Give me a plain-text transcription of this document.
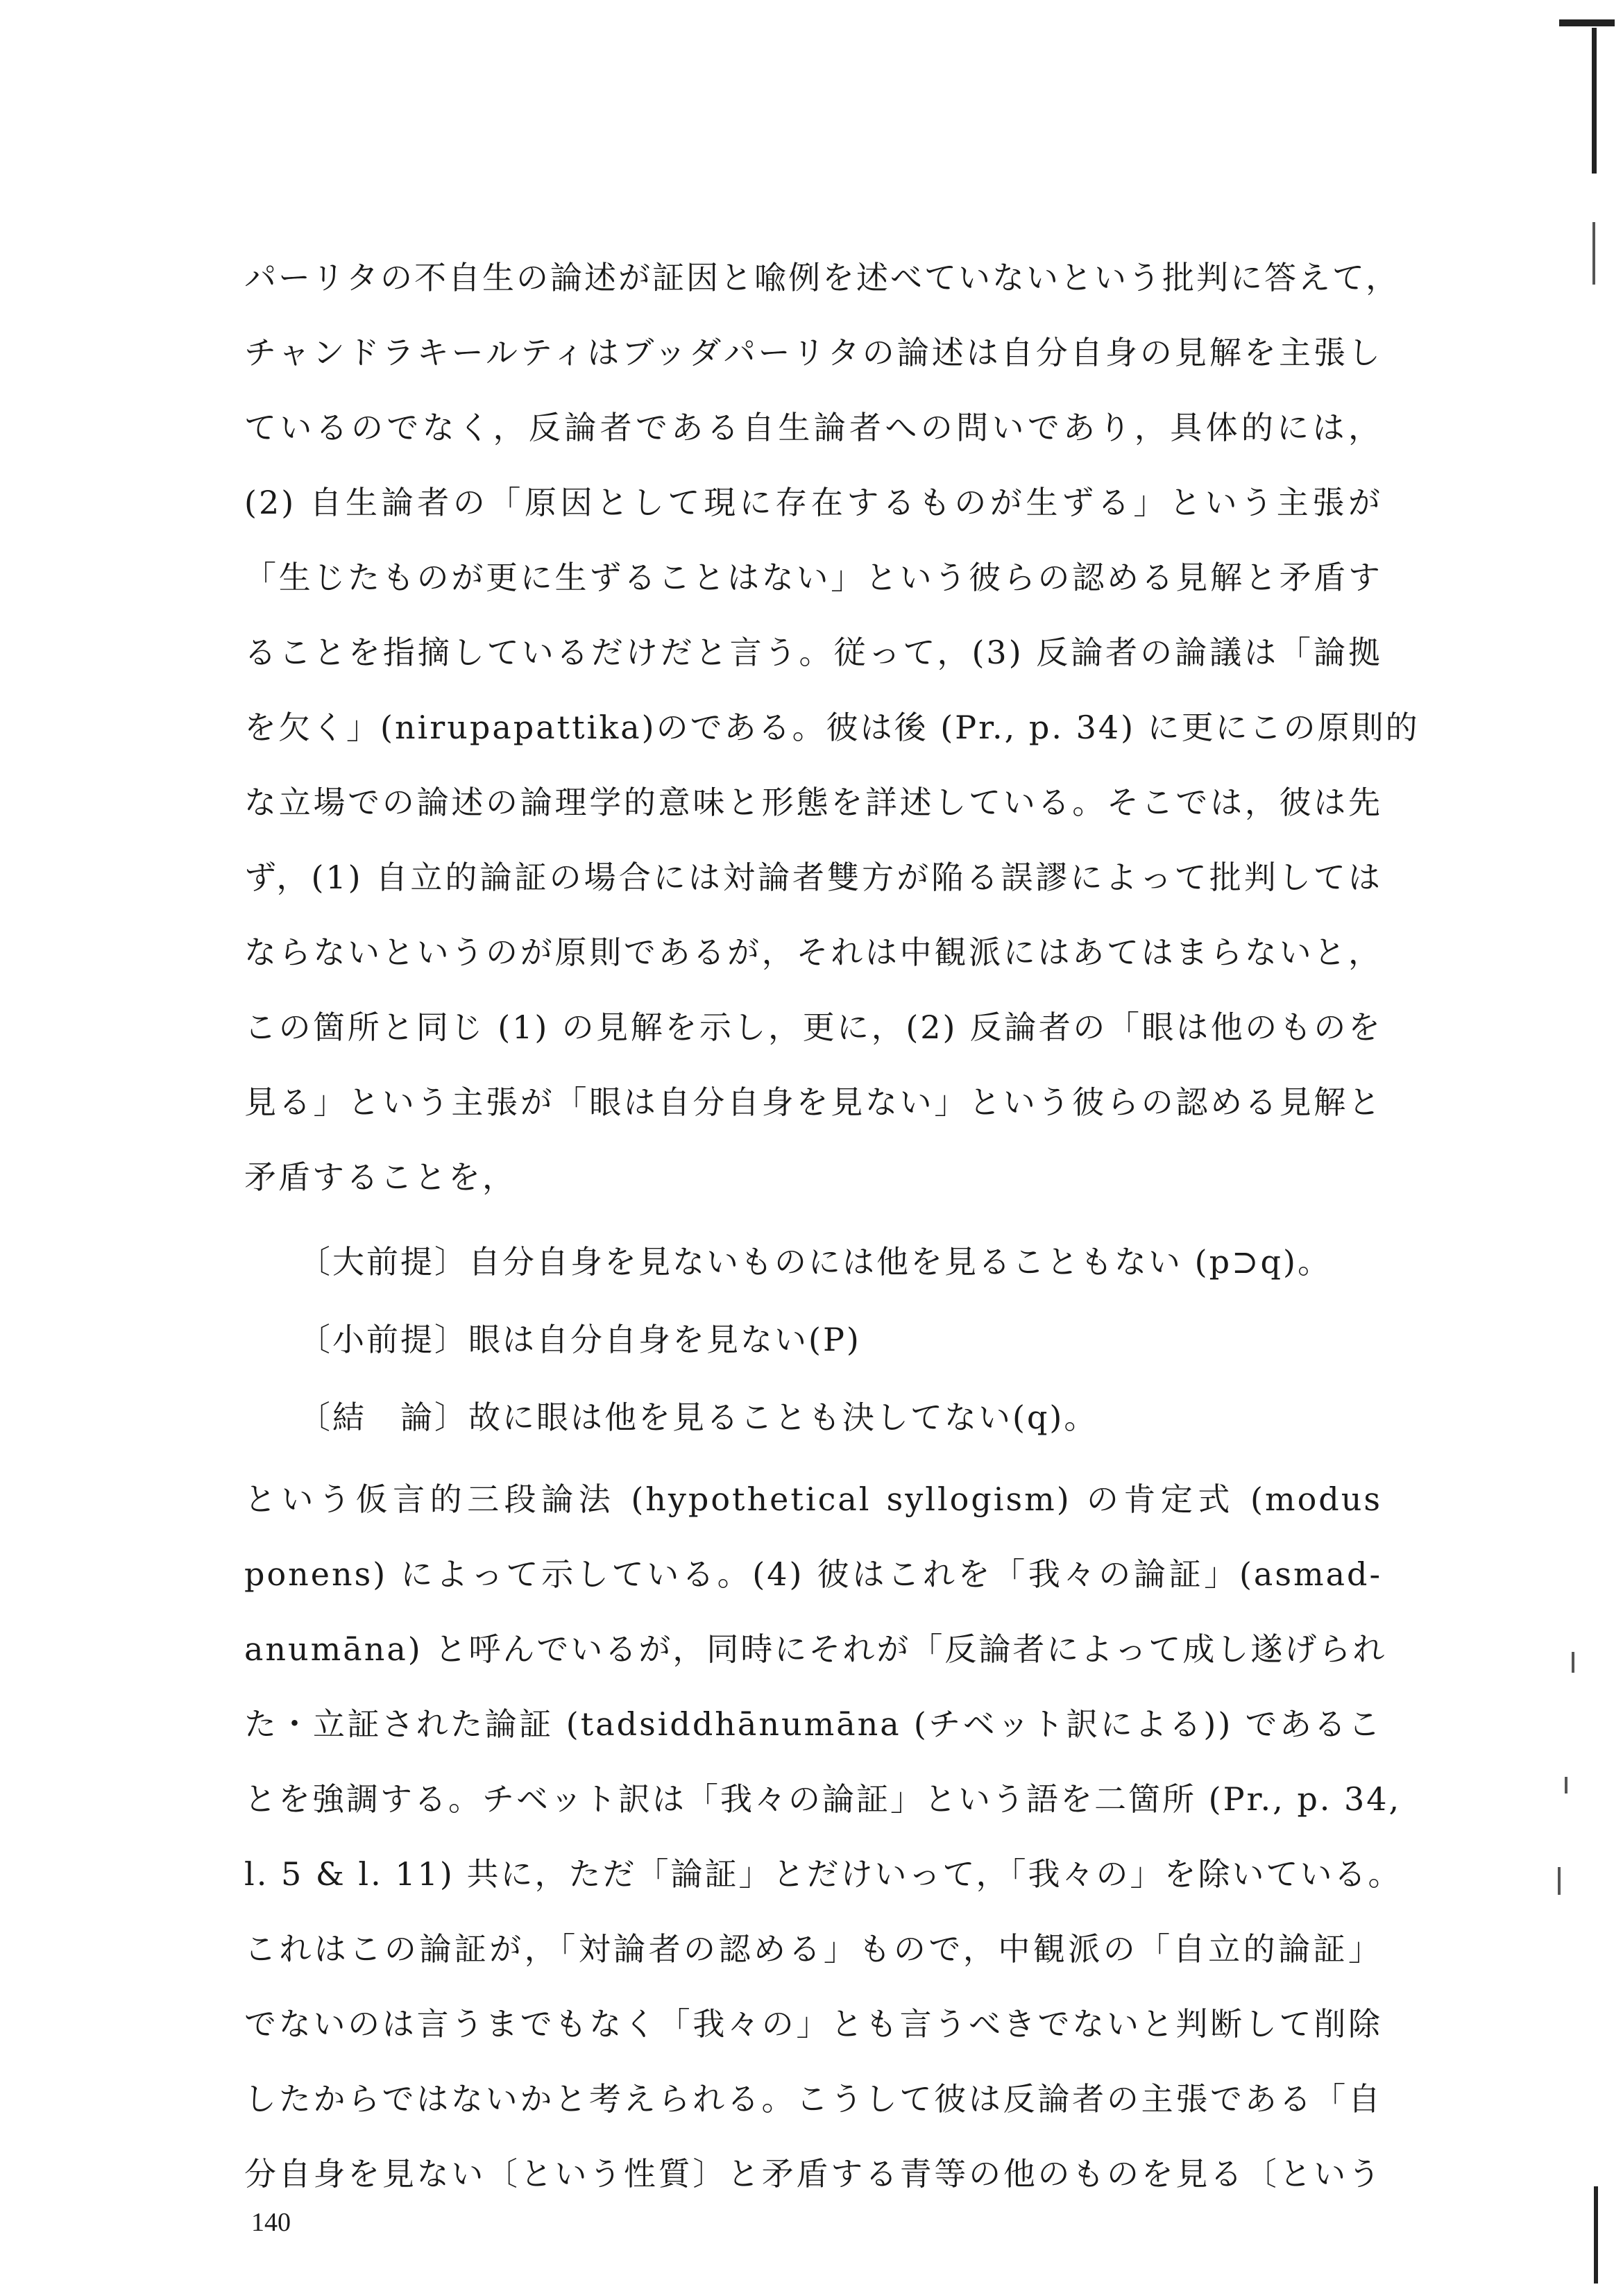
パーリタの不自生の論述が証因と喩例を述べていないという批判に答えて，
チャンドラキールティはブッダパーリタの論述は自分自身の見解を主張し
ているのでなく，反論者である自生論者への問いであり，具体的には，
(2) 自生論者の「原因として現に存在するものが生ずる」という主張が
「生じたものが更に生ずることはない」という彼らの認める見解と矛盾す
ることを指摘しているだけだと言う。従って，(3) 反論者の論議は「論拠
を欠く」(nirupapattika)のである。彼は後 (Pr., p. 34) に更にこの原則的
な立場での論述の論理学的意味と形態を詳述している。そこでは，彼は先
ず，(1) 自立的論証の場合には対論者雙方が陥る誤謬によって批判しては
ならないというのが原則であるが，それは中観派にはあてはまらないと，
この箇所と同じ (1) の見解を示し，更に，(2) 反論者の「眼は他のものを
見る」という主張が「眼は自分自身を見ない」という彼らの認める見解と
矛盾することを，
〔大前提〕自分自身を見ないものには他を見ることもない (p⊃q)。
〔小前提〕眼は自分自身を見ない(P)
〔結　論〕故に眼は他を見ることも決してない(q)。
という仮言的三段論法 (hypothetical syllogism) の肯定式 (modus
ponens) によって示している。(4) 彼はこれを「我々の論証」(asmad-
anumāna) と呼んでいるが，同時にそれが「反論者によって成し遂げられ
た・立証された論証 (tadsiddhānumāna (チベット訳による)) であるこ
とを強調する。チベット訳は「我々の論証」という語を二箇所 (Pr., p. 34,
l. 5 & l. 11) 共に，ただ「論証」とだけいって，「我々の」を除いている。
これはこの論証が，「対論者の認める」もので，中観派の「自立的論証」
でないのは言うまでもなく「我々の」とも言うべきでないと判断して削除
したからではないかと考えられる。こうして彼は反論者の主張である「自
分自身を見ない〔という性質〕と矛盾する青等の他のものを見る〔という
140
